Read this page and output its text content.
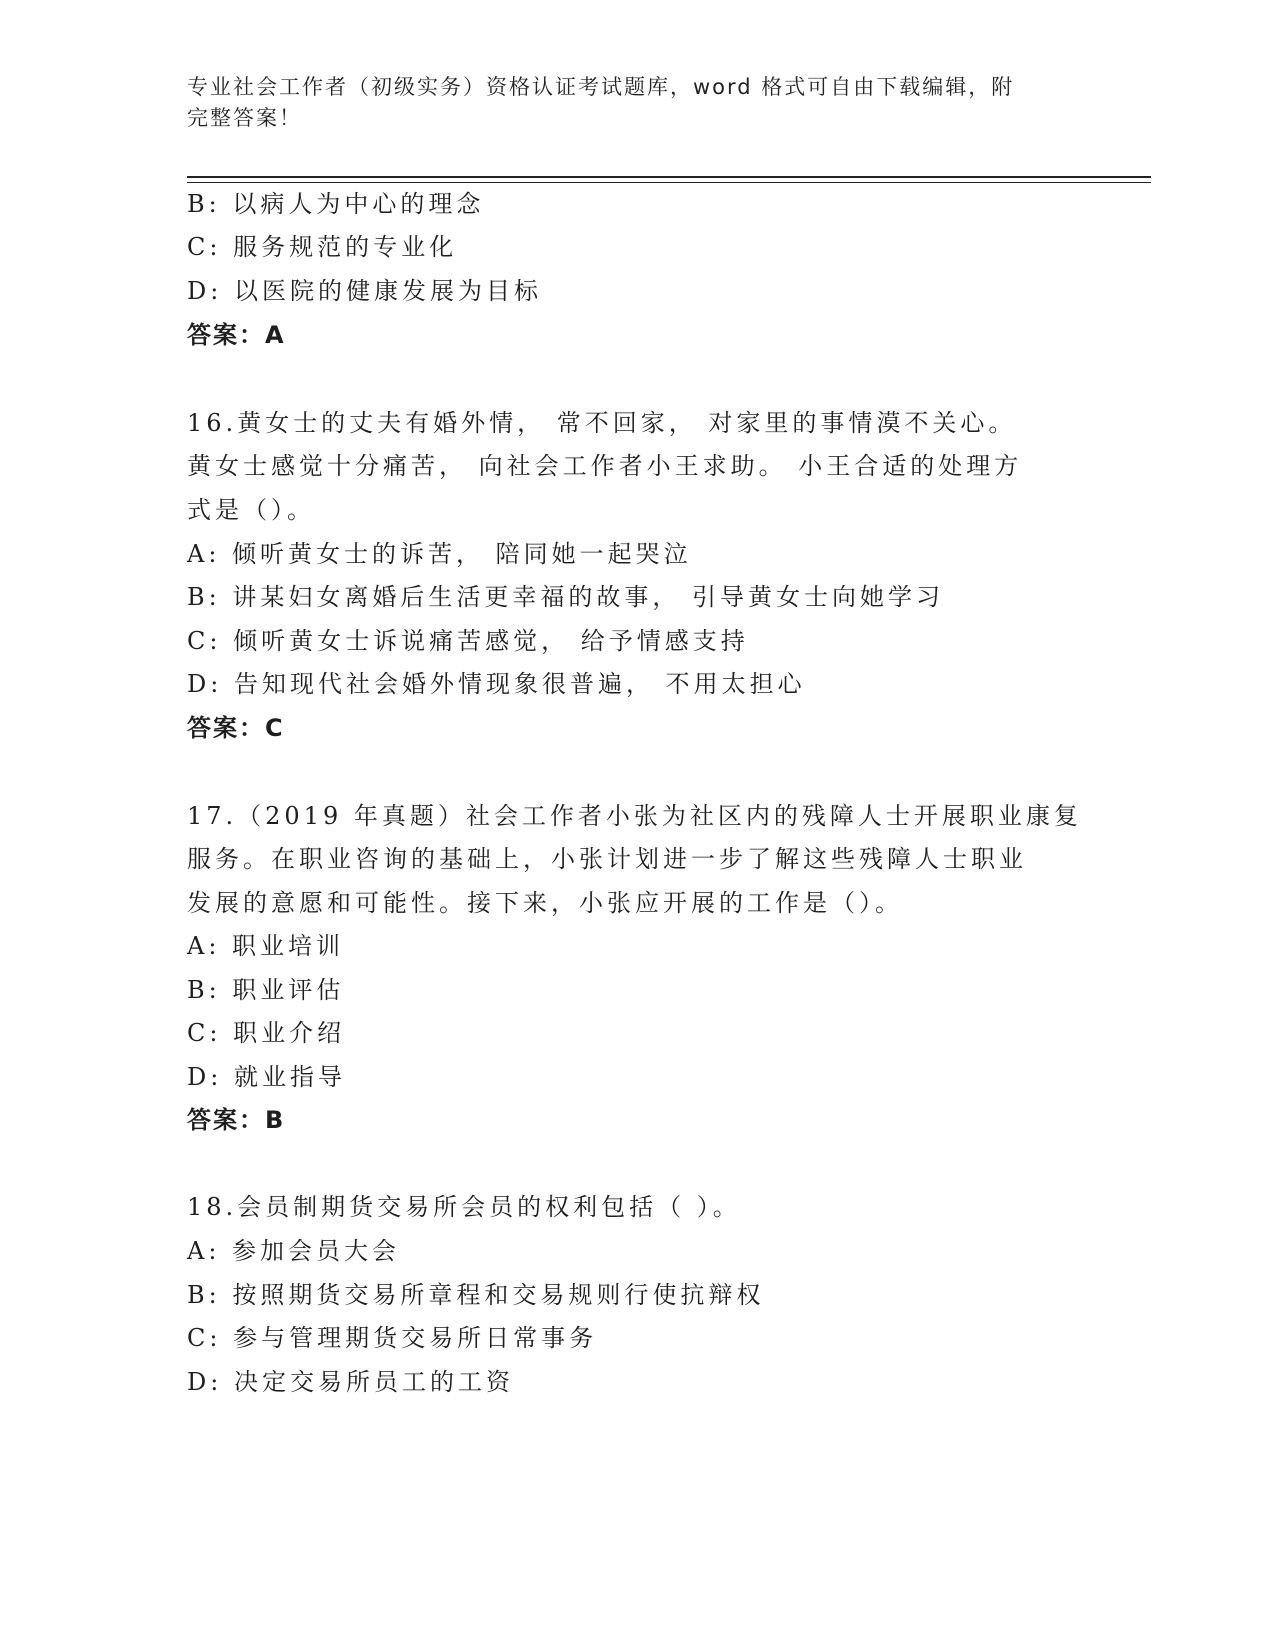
专业社会工作者（初级实务）资格认证考试题库，word 格式可自由下载编辑，附
完整答案！
B: 以病人为中心的理念
C: 服务规范的专业化
D: 以医院的健康发展为目标
答案：A
16.黄女士的丈夫有婚外情， 常不回家， 对家里的事情漠不关心。
黄女士感觉十分痛苦， 向社会工作者小王求助。 小王合适的处理方
式是（）。
A: 倾听黄女士的诉苦， 陪同她一起哭泣
B: 讲某妇女离婚后生活更幸福的故事， 引导黄女士向她学习
C: 倾听黄女士诉说痛苦感觉， 给予情感支持
D: 告知现代社会婚外情现象很普遍， 不用太担心
答案：C
17.（2019 年真题）社会工作者小张为社区内的残障人士开展职业康复
服务。在职业咨询的基础上，小张计划进一步了解这些残障人士职业
发展的意愿和可能性。接下来，小张应开展的工作是（）。
A: 职业培训
B: 职业评估
C: 职业介绍
D: 就业指导
答案：B
18.会员制期货交易所会员的权利包括（ ）。
A: 参加会员大会
B: 按照期货交易所章程和交易规则行使抗辩权
C: 参与管理期货交易所日常事务
D: 决定交易所员工的工资
